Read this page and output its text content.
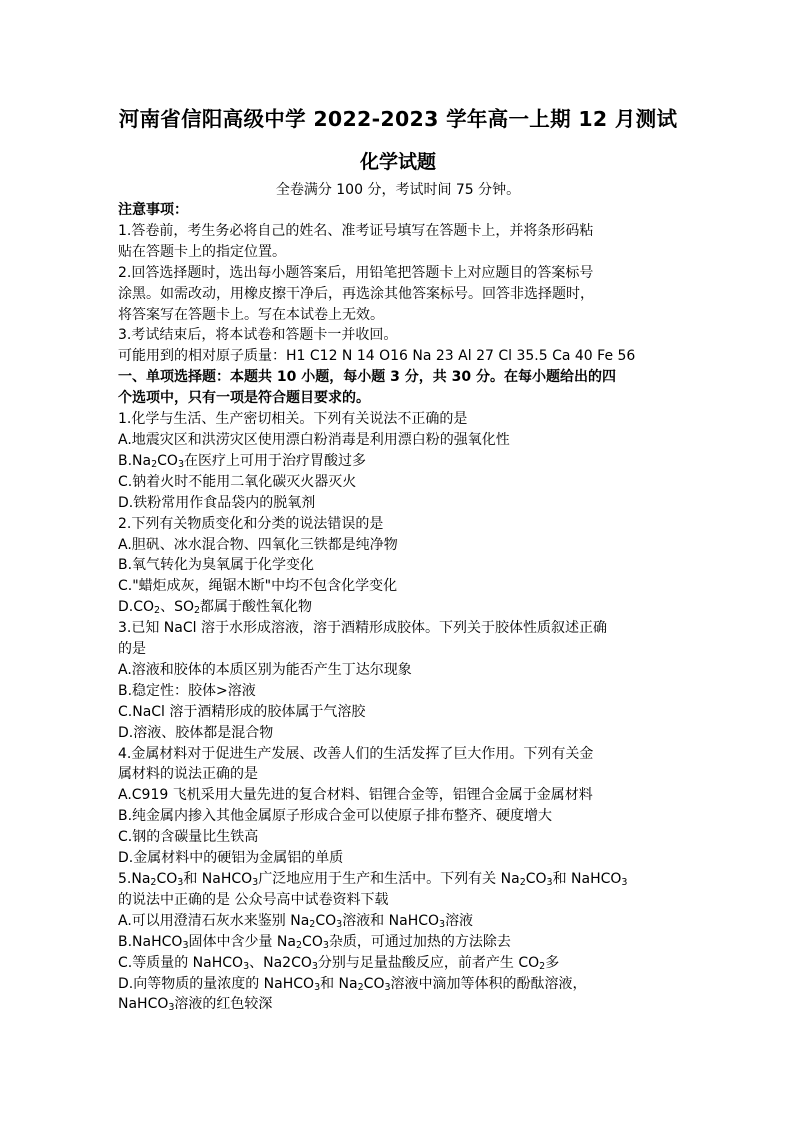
河南省信阳高级中学 2022-2023 学年高一上期 12 月测试
化学试题
全卷满分 100 分，考试时间 75 分钟。
注意事项：
1.答卷前，考生务必将自己的姓名、准考证号填写在答题卡上，并将条形码粘
贴在答题卡上的指定位置。
2.回答选择题时，选出每小题答案后，用铅笔把答题卡上对应题目的答案标号
涂黑。如需改动，用橡皮擦干净后，再选涂其他答案标号。回答非选择题时，
将答案写在答题卡上。写在本试卷上无效。
3.考试结束后，将本试卷和答题卡一并收回。
可能用到的相对原子质量：H1 C12 N 14 O16 Na 23 Al 27 Cl 35.5 Ca 40 Fe 56
一、单项选择题：本题共 10 小题，每小题 3 分，共 30 分。在每小题给出的四
个选项中，只有一项是符合题目要求的。
1.化学与生活、生产密切相关。下列有关说法不正确的是
A.地震灾区和洪涝灾区使用漂白粉消毒是利用漂白粉的强氧化性
$B.Na_2CO_3$在医疗上可用于治疗胃酸过多
C.钠着火时不能用二氧化碳灭火器灭火
D.铁粉常用作食品袋内的脱氧剂
2.下列有关物质变化和分类的说法错误的是
A.胆矾、冰水混合物、四氧化三铁都是纯净物
B.氧气转化为臭氧属于化学变化
C."蜡炬成灰，绳锯木断"中均不包含化学变化
$D.CO_2$、$SO_2$都属于酸性氧化物
3.已知 NaCl 溶于水形成溶液，溶于酒精形成胶体。下列关于胶体性质叙述正确
的是
A.溶液和胶体的本质区别为能否产生丁达尔现象
B.稳定性：胶体>溶液
C.NaCl 溶于酒精形成的胶体属于气溶胶
D.溶液、胶体都是混合物
4.金属材料对于促进生产发展、改善人们的生活发挥了巨大作用。下列有关金
属材料的说法正确的是
A.C919 飞机采用大量先进的复合材料、铝锂合金等，铝锂合金属于金属材料
B.纯金属内掺入其他金属原子形成合金可以使原子排布整齐、硬度增大
C.钢的含碳量比生铁高
D.金属材料中的硬铝为金属铝的单质
$5.Na_2CO_3$和 NaHCO$_3$广泛地应用于生产和生活中。下列有关 $Na_2CO_3$和 NaHCO$_3$
的说法中正确的是 公众号高中试卷资料下载
A.可以用澄清石灰水来鉴别 $Na_2CO_3$溶液和 NaHCO$_3$溶液
B.NaHCO$_3$固体中含少量 $Na_2CO_3$杂质，可通过加热的方法除去
C.等质量的 NaHCO$_3$、$Na2CO_3$分别与足量盐酸反应，前者产生 $CO_2$多
D.向等物质的量浓度的 NaHCO$_3$和 $Na_2CO_3$溶液中滴加等体积的酚酞溶液，
NaHCO$_3$溶液的红色较深
